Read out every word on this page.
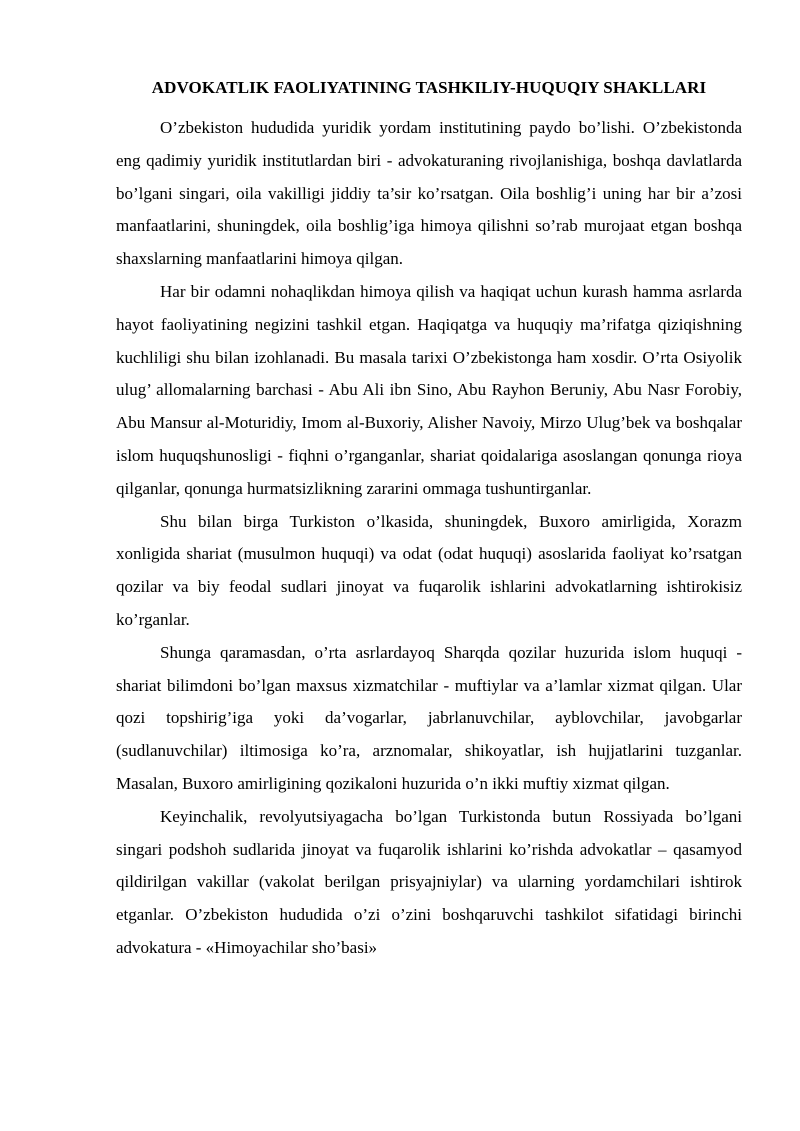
ADVOKATLIK FAOLIYATINING TASHKILIY-HUQUQIY SHAKLLARI

O’zbekiston hududida yuridik yordam institutining paydo bo’lishi. O’zbekistonda eng qadimiy yuridik institutlardan biri - advokaturaning rivojlanishiga, boshqa davlatlarda bo’lgani singari, oila vakilligi jiddiy ta’sir ko’rsatgan. Oila boshlig’i uning har bir a’zosi manfaatlarini, shuningdek, oila boshlig’iga himoya qilishni so’rab murojaat etgan boshqa shaxslarning manfaatlarini himoya qilgan.

Har bir odamni nohaqlikdan himoya qilish va haqiqat uchun kurash hamma asrlarda hayot faoliyatining negizini tashkil etgan. Haqiqatga va huquqiy ma’rifatga qiziqishning kuchliligi shu bilan izohlanadi. Bu masala tarixi O’zbekistonga ham xosdir. O’rta Osiyolik ulug’ allomalarning barchasi - Abu Ali ibn Sino, Abu Rayhon Beruniy, Abu Nasr Forobiy, Abu Mansur al-Moturidiy, Imom al-Buxoriy, Alisher Navoiy, Mirzo Ulug’bek va boshqalar islom huquqshunosligi - fiqhni o’rganganlar, shariat qoidalariga asoslangan qonunga rioya qilganlar, qonunga hurmatsizlikning zararini ommaga tushuntirganlar.

Shu bilan birga Turkiston o’lkasida, shuningdek, Buxoro amirligida, Xorazm xonligida shariat (musulmon huquqi) va odat (odat huquqi) asoslarida faoliyat ko’rsatgan qozilar va biy feodal sudlari jinoyat va fuqarolik ishlarini advokatlarning ishtirokisiz ko’rganlar.

Shunga qaramasdan, o’rta asrlardayoq Sharqda qozilar huzurida islom huquqi - shariat bilimdoni bo’lgan maxsus xizmatchilar - muftiylar va a’lamlar xizmat qilgan. Ular qozi topshirig’iga yoki da’vogarlar, jabrlanuvchilar, ayblovchilar, javobgarlar (sudlanuvchilar) iltimosiga ko’ra, arznomalar, shikoyatlar, ish hujjatlarini tuzganlar. Masalan, Buxoro amirligining qozikaloni huzurida o’n ikki muftiy xizmat qilgan.

Keyinchalik, revolyutsiyagacha bo’lgan Turkistonda butun Rossiyada bo’lgani singari podshoh sudlarida jinoyat va fuqarolik ishlarini ko’rishda advokatlar – qasamyod qildirilgan vakillar (vakolat berilgan prisyajniylar) va ularning yordamchilari ishtirok etganlar. O’zbekiston hududida o’zi o’zini boshqaruvchi tashkilot sifatidagi birinchi advokatura - «Himoyachilar sho’basi»
